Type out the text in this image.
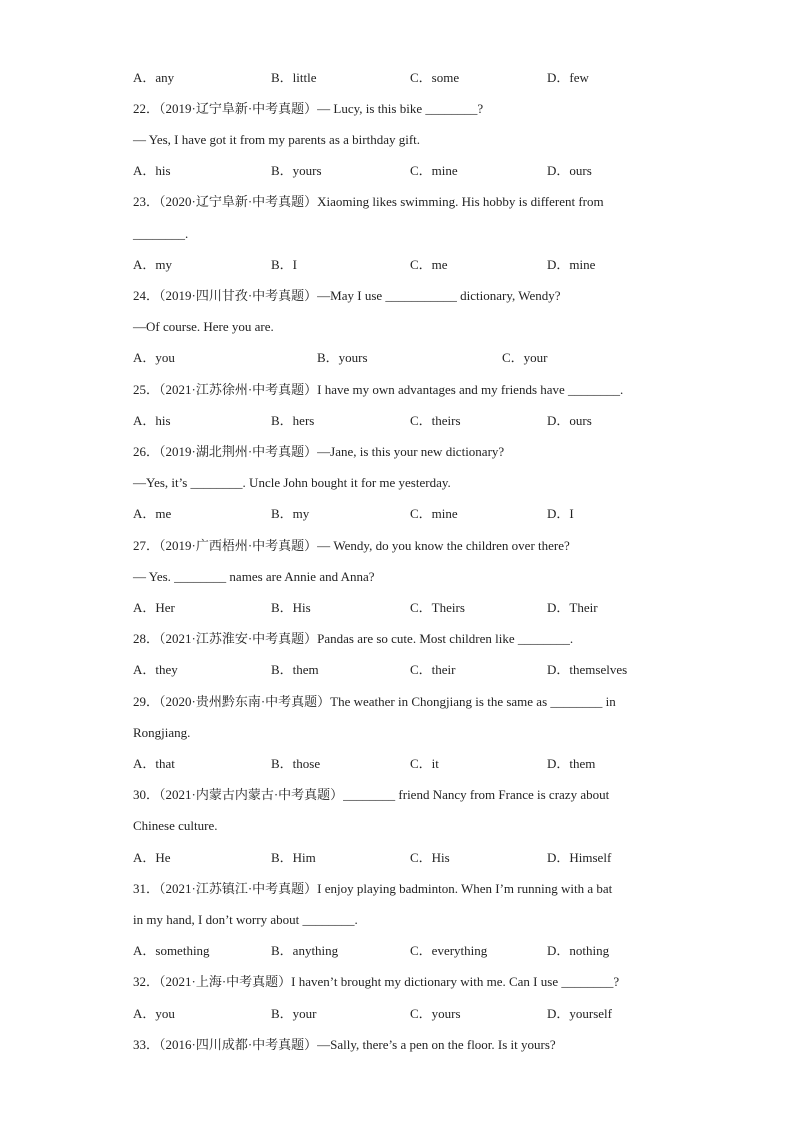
A．any	B．little	C．some	D．few
22．（2019·辽宁阜新·中考真题）— Lucy, is this bike ________?
— Yes, I have got it from my parents as a birthday gift.
A．his	B．yours	C．mine	D．ours
23．（2020·辽宁阜新·中考真题）Xiaoming likes swimming. His hobby is different from
________.
A．my	B．I	C．me	D．mine
24．（2019·四川甘孜·中考真题）—May I use ___________ dictionary, Wendy?
—Of course. Here you are.
A．you	B．yours	C．your
25．（2021·江苏徐州·中考真题）I have my own advantages and my friends have ________.
A．his	B．hers	C．theirs	D．ours
26．（2019·湖北荆州·中考真题）—Jane, is this your new dictionary?
—Yes, it’s ________. Uncle John bought it for me yesterday.
A．me	B．my	C．mine	D．I
27．（2019·广西梧州·中考真题）— Wendy, do you know the children over there?
— Yes. ________ names are Annie and Anna?
A．Her	B．His	C．Theirs	D．Their
28．（2021·江苏淮安·中考真题）Pandas are so cute. Most children like ________.
A．they	B．them	C．their	D．themselves
29．（2020·贵州黔东南·中考真题）The weather in Chongjiang is the same as ________ in
Rongjiang.
A．that	B．those	C．it	D．them
30．（2021·内蒙古内蒙古·中考真题）________ friend Nancy from France is crazy about
Chinese culture.
A．He	B．Him	C．His	D．Himself
31．（2021·江苏镇江·中考真题）I enjoy playing badminton. When I’m running with a bat
in my hand, I don’t worry about ________.
A．something	B．anything	C．everything	D．nothing
32．（2021·上海·中考真题）I haven’t brought my dictionary with me. Can I use ________?
A．you	B．your	C．yours	D．yourself
33．（2016·四川成都·中考真题）—Sally, there’s a pen on the floor. Is it yours?
